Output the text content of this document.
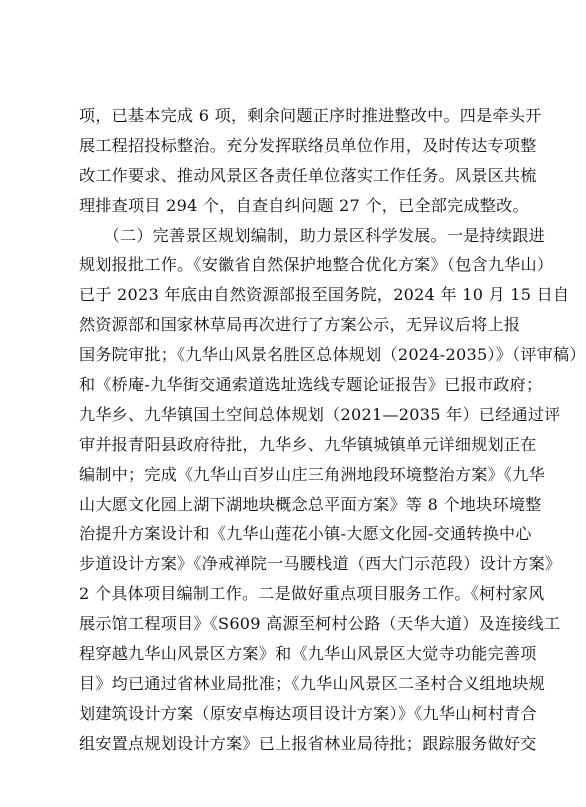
项，已基本完成 6 项，剩余问题正序时推进整改中。四是牵头开
展工程招投标整治。充分发挥联络员单位作用，及时传达专项整
改工作要求、推动风景区各责任单位落实工作任务。风景区共梳
理排查项目 294 个，自查自纠问题 27 个，已全部完成整改。
　　（二）完善景区规划编制，助力景区科学发展。一是持续跟进
规划报批工作。《安徽省自然保护地整合优化方案》（包含九华山）
已于 2023 年底由自然资源部报至国务院，2024 年 10 月 15 日自
然资源部和国家林草局再次进行了方案公示，无异议后将上报
国务院审批；《九华山风景名胜区总体规划（2024-2035）》（评审稿）
和《桥庵-九华街交通索道选址选线专题论证报告》已报市政府；
九华乡、九华镇国土空间总体规划（2021—2035 年）已经通过评
审并报青阳县政府待批，九华乡、九华镇城镇单元详细规划正在
编制中；完成《九华山百岁山庄三角洲地段环境整治方案》《九华
山大愿文化园上湖下湖地块概念总平面方案》等 8 个地块环境整
治提升方案设计和《九华山莲花小镇-大愿文化园-交通转换中心
步道设计方案》《净戒禅院一马腰栈道（西大门示范段）设计方案》
2 个具体项目编制工作。二是做好重点项目服务工作。《柯村家风
展示馆工程项目》《S609 高源至柯村公路（天华大道）及连接线工
程穿越九华山风景区方案》和《九华山风景区大觉寺功能完善项
目》均已通过省林业局批准；《九华山风景区二圣村合义组地块规
划建筑设计方案（原安卓梅达项目设计方案）》《九华山柯村青合
组安置点规划设计方案》已上报省林业局待批；跟踪服务做好交
